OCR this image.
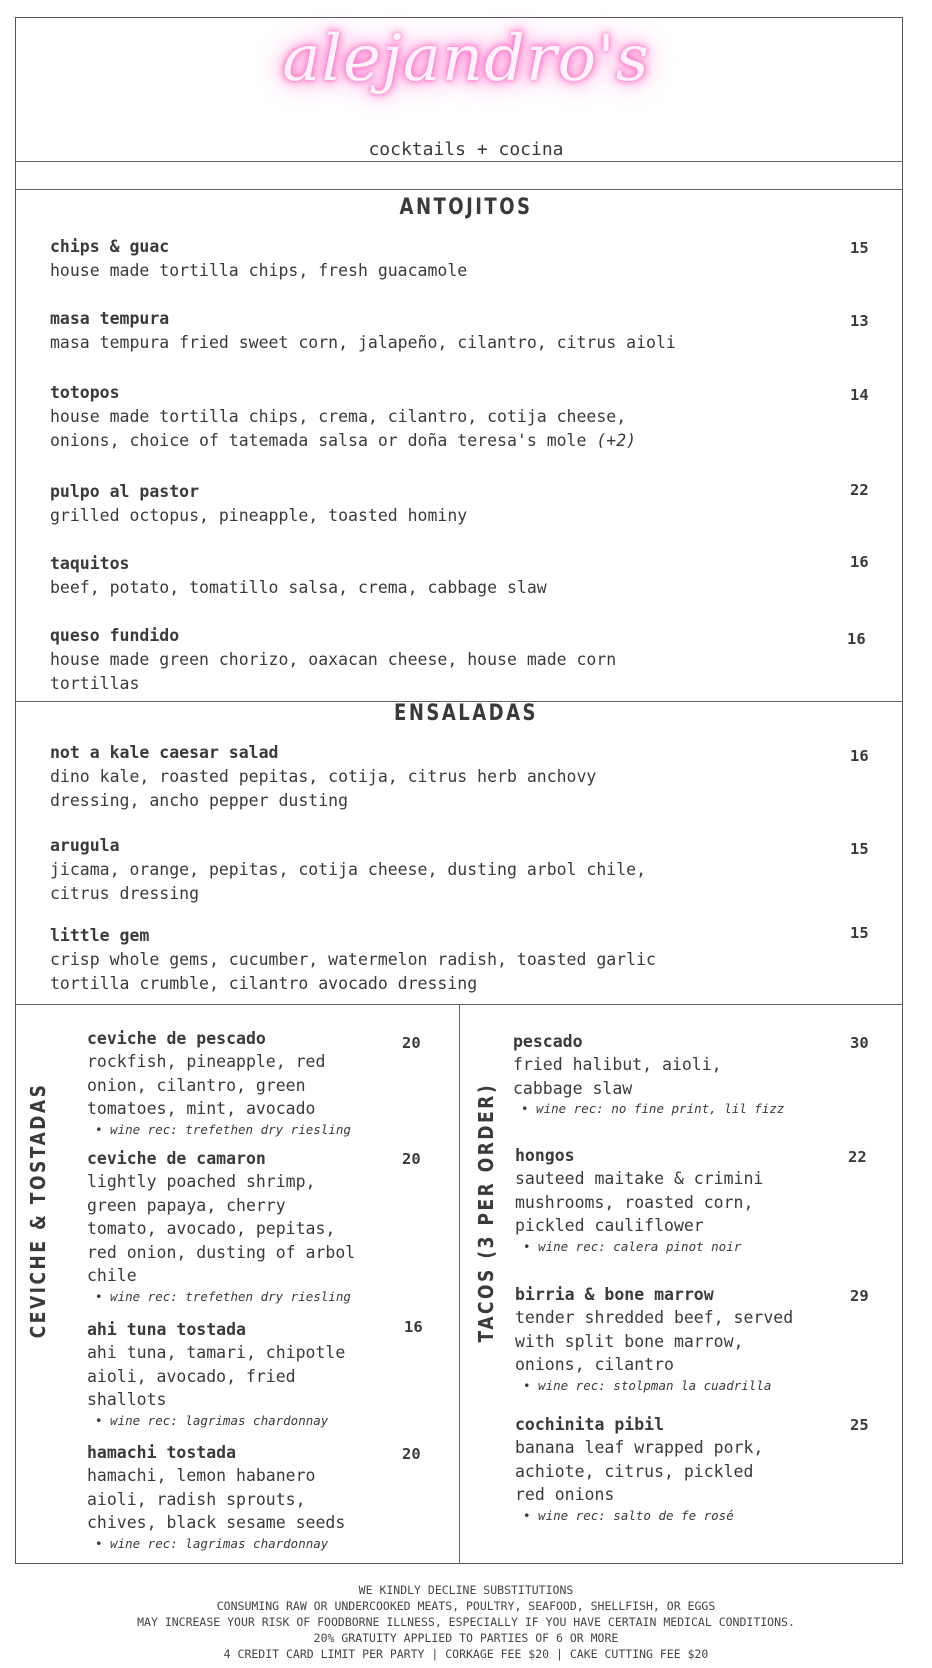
alejandro's
cocktails + cocina
ANTOJITOS
chips & guac
house made tortilla chips, fresh guacamole
15
masa tempura
masa tempura fried sweet corn, jalapeño, cilantro, citrus aioli
13
totopos
house made tortilla chips, crema, cilantro, cotija cheese,
onions, choice of tatemada salsa or doña teresa's mole (+2)
14
pulpo al pastor
grilled octopus, pineapple, toasted hominy
22
taquitos
beef, potato, tomatillo salsa, crema, cabbage slaw
16
queso fundido
house made green chorizo, oaxacan cheese, house made corn
tortillas
16
ENSALADAS
not a kale caesar salad
dino kale, roasted pepitas, cotija, citrus herb anchovy
dressing, ancho pepper dusting
16
arugula
jicama, orange, pepitas, cotija cheese, dusting arbol chile,
citrus dressing
15
little gem
crisp whole gems, cucumber, watermelon radish, toasted garlic
tortilla crumble, cilantro avocado dressing
15
CEVICHE & TOSTADAS
ceviche de pescado
rockfish, pineapple, red
onion, cilantro, green
tomatoes, mint, avocado
• wine rec: trefethen dry riesling
20
ceviche de camaron
lightly poached shrimp,
green papaya, cherry
tomato, avocado, pepitas,
red onion, dusting of arbol
chile
• wine rec: trefethen dry riesling
20
ahi tuna tostada
ahi tuna, tamari, chipotle
aioli, avocado, fried
shallots
• wine rec: lagrimas chardonnay
16
hamachi tostada
hamachi, lemon habanero
aioli, radish sprouts,
chives, black sesame seeds
• wine rec: lagrimas chardonnay
20
TACOS (3 PER ORDER)
pescado
fried halibut, aioli,
cabbage slaw
• wine rec: no fine print, lil fizz
30
hongos
sauteed maitake & crimini
mushrooms, roasted corn,
pickled cauliflower
• wine rec: calera pinot noir
22
birria & bone marrow
tender shredded beef, served
with split bone marrow,
onions, cilantro
• wine rec: stolpman la cuadrilla
29
cochinita pibil
banana leaf wrapped pork,
achiote, citrus, pickled
red onions
• wine rec: salto de fe rosé
25
WE KINDLY DECLINE SUBSTITUTIONS
CONSUMING RAW OR UNDERCOOKED MEATS, POULTRY, SEAFOOD, SHELLFISH, OR EGGS
MAY INCREASE YOUR RISK OF FOODBORNE ILLNESS, ESPECIALLY IF YOU HAVE CERTAIN MEDICAL CONDITIONS.
20% GRATUITY APPLIED TO PARTIES OF 6 OR MORE
4 CREDIT CARD LIMIT PER PARTY | CORKAGE FEE $20 | CAKE CUTTING FEE $20
